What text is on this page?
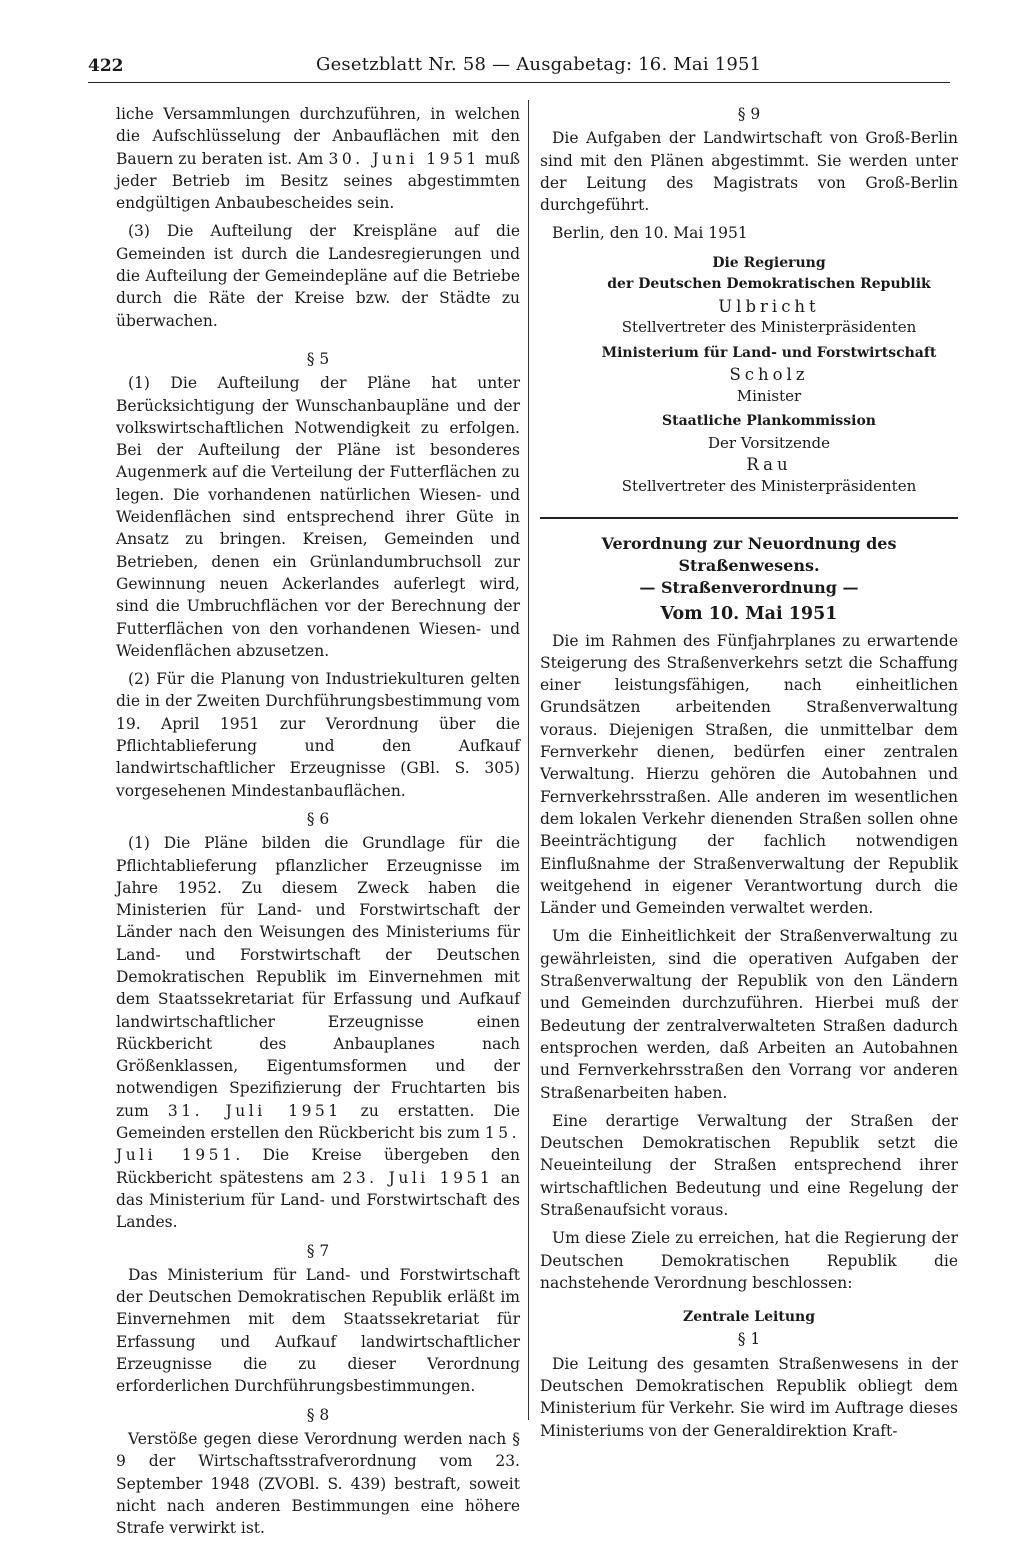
422	Gesetzblatt Nr. 58 — Ausgabetag: 16. Mai 1951

liche Versammlungen durchzuführen, in welchen die Aufschlüsselung der Anbauflächen mit den Bauern zu beraten ist. Am 30. Juni 1951 muß jeder Betrieb im Besitz seines abgestimmten endgültigen Anbaubescheides sein.

(3) Die Aufteilung der Kreispläne auf die Gemeinden ist durch die Landesregierungen und die Aufteilung der Gemeindepläne auf die Betriebe durch die Räte der Kreise bzw. der Städte zu überwachen.

§ 5

(1) Die Aufteilung der Pläne hat unter Berücksichtigung der Wunschanbaupläne und der volkswirtschaftlichen Notwendigkeit zu erfolgen. Bei der Aufteilung der Pläne ist besonderes Augenmerk auf die Verteilung der Futterflächen zu legen. Die vorhandenen natürlichen Wiesen- und Weidenflächen sind entsprechend ihrer Güte in Ansatz zu bringen. Kreisen, Gemeinden und Betrieben, denen ein Grünlandumbruchsoll zur Gewinnung neuen Ackerlandes auferlegt wird, sind die Umbruchflächen vor der Berechnung der Futterflächen von den vorhandenen Wiesen- und Weidenflächen abzusetzen.

(2) Für die Planung von Industriekulturen gelten die in der Zweiten Durchführungsbestimmung vom 19. April 1951 zur Verordnung über die Pflichtablieferung und den Aufkauf landwirtschaftlicher Erzeugnisse (GBl. S. 305) vorgesehenen Mindestanbauflächen.

§ 6

(1) Die Pläne bilden die Grundlage für die Pflichtablieferung pflanzlicher Erzeugnisse im Jahre 1952. Zu diesem Zweck haben die Ministerien für Land- und Forstwirtschaft der Länder nach den Weisungen des Ministeriums für Land- und Forstwirtschaft der Deutschen Demokratischen Republik im Einvernehmen mit dem Staatssekretariat für Erfassung und Aufkauf landwirtschaftlicher Erzeugnisse einen Rückbericht des Anbauplanes nach Größenklassen, Eigentumsformen und der notwendigen Spezifizierung der Fruchtarten bis zum 31. Juli 1951 zu erstatten. Die Gemeinden erstellen den Rückbericht bis zum 15. Juli 1951. Die Kreise übergeben den Rückbericht spätestens am 23. Juli 1951 an das Ministerium für Land- und Forstwirtschaft des Landes.

§ 7

Das Ministerium für Land- und Forstwirtschaft der Deutschen Demokratischen Republik erläßt im Einvernehmen mit dem Staatssekretariat für Erfassung und Aufkauf landwirtschaftlicher Erzeugnisse die zu dieser Verordnung erforderlichen Durchführungsbestimmungen.

§ 8

Verstöße gegen diese Verordnung werden nach § 9 der Wirtschaftsstrafverordnung vom 23. September 1948 (ZVOBl. S. 439) bestraft, soweit nicht nach anderen Bestimmungen eine höhere Strafe verwirkt ist.

§ 9

Die Aufgaben der Landwirtschaft von Groß-Berlin sind mit den Plänen abgestimmt. Sie werden unter der Leitung des Magistrats von Groß-Berlin durchgeführt.

Berlin, den 10. Mai 1951

Die Regierung
der Deutschen Demokratischen Republik
Ulbricht
Stellvertreter des Ministerpräsidenten
Ministerium für Land- und Forstwirtschaft
Scholz
Minister
Staatliche Plankommission
Der Vorsitzende
Rau
Stellvertreter des Ministerpräsidenten
Verordnung zur Neuordnung des Straßenwesens.
— Straßenverordnung —
Vom 10. Mai 1951

Die im Rahmen des Fünfjahrplanes zu erwartende Steigerung des Straßenverkehrs setzt die Schaffung einer leistungsfähigen, nach einheitlichen Grundsätzen arbeitenden Straßenverwaltung voraus. Diejenigen Straßen, die unmittelbar dem Fernverkehr dienen, bedürfen einer zentralen Verwaltung. Hierzu gehören die Autobahnen und Fernverkehrsstraßen. Alle anderen im wesentlichen dem lokalen Verkehr dienenden Straßen sollen ohne Beeinträchtigung der fachlich notwendigen Einflußnahme der Straßenverwaltung der Republik weitgehend in eigener Verantwortung durch die Länder und Gemeinden verwaltet werden.

Um die Einheitlichkeit der Straßenverwaltung zu gewährleisten, sind die operativen Aufgaben der Straßenverwaltung der Republik von den Ländern und Gemeinden durchzuführen. Hierbei muß der Bedeutung der zentralverwalteten Straßen dadurch entsprochen werden, daß Arbeiten an Autobahnen und Fernverkehrsstraßen den Vorrang vor anderen Straßenarbeiten haben.

Eine derartige Verwaltung der Straßen der Deutschen Demokratischen Republik setzt die Neueinteilung der Straßen entsprechend ihrer wirtschaftlichen Bedeutung und eine Regelung der Straßenaufsicht voraus.

Um diese Ziele zu erreichen, hat die Regierung der Deutschen Demokratischen Republik die nachstehende Verordnung beschlossen:

Zentrale Leitung
§ 1

Die Leitung des gesamten Straßenwesens in der Deutschen Demokratischen Republik obliegt dem Ministerium für Verkehr. Sie wird im Auftrage dieses Ministeriums von der Generaldirektion Kraft-
